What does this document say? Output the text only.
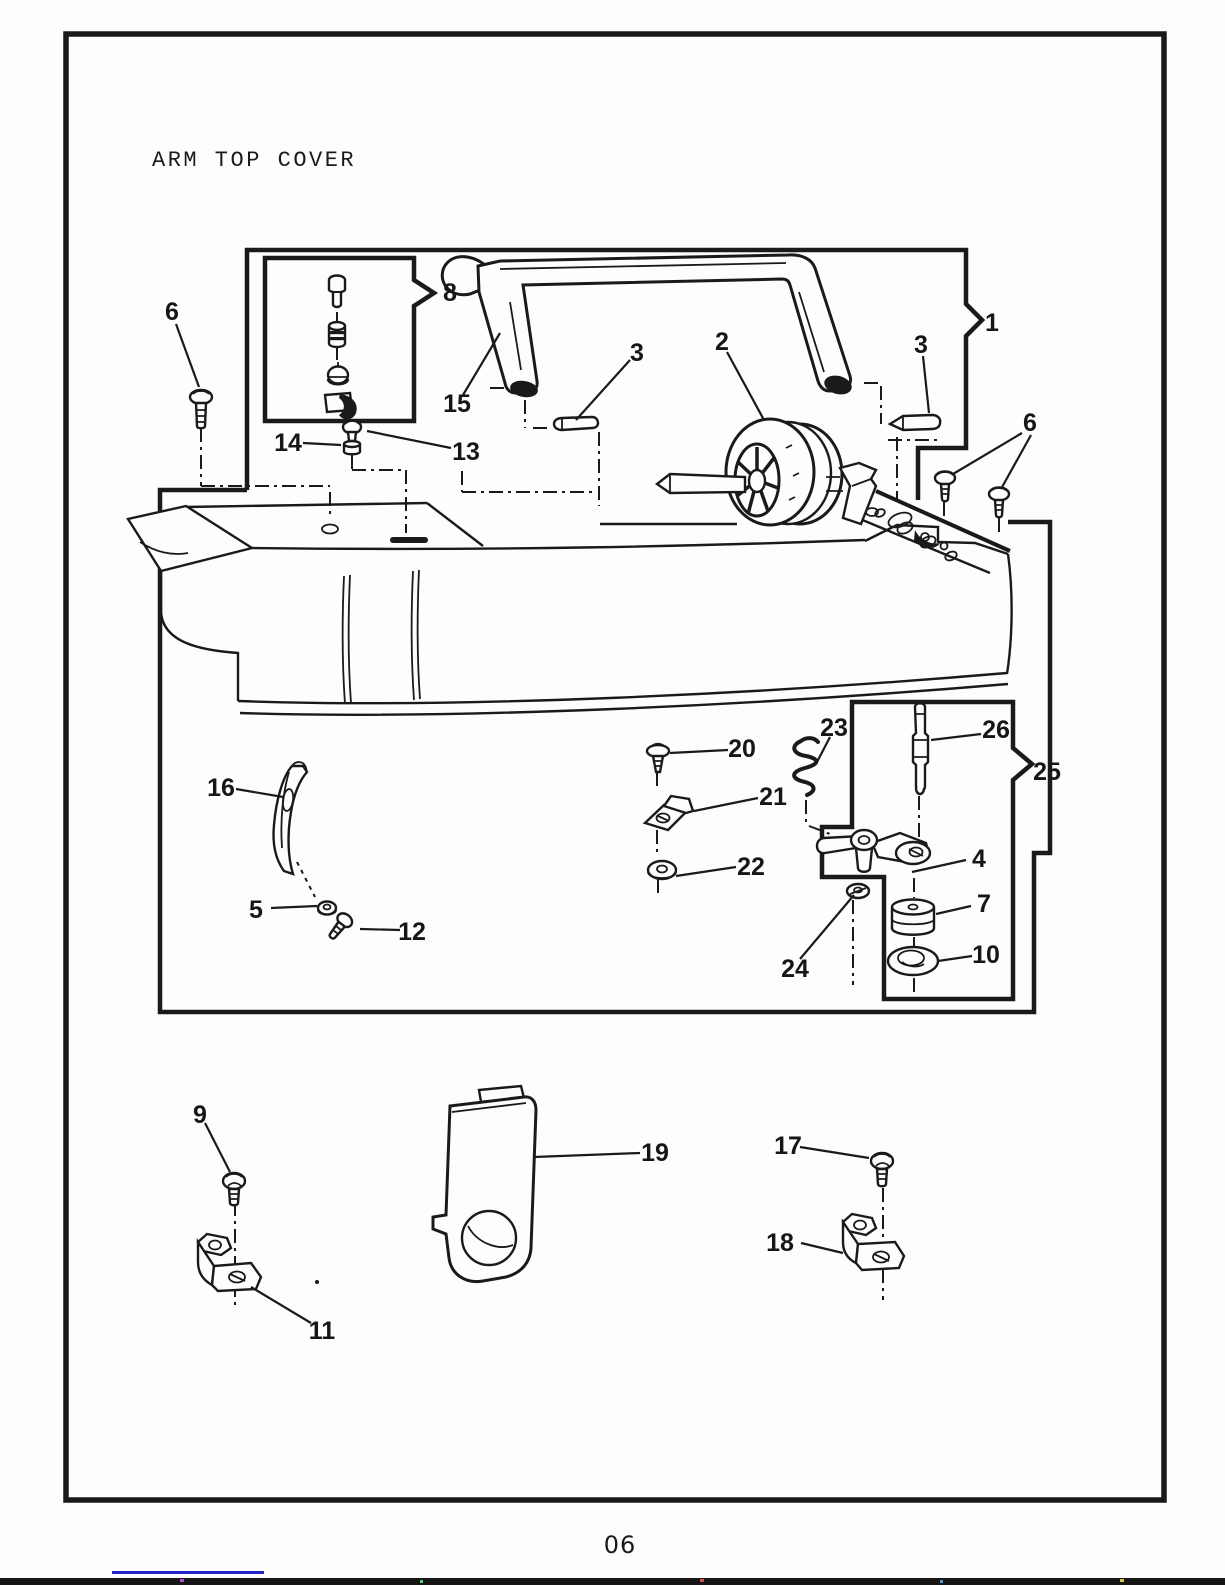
ARM TOP COVER
6
8
15
14	13
3	2	3
1
6
16
5
12
20
21
22
23	26
25
4
7
10
24
9
11
19	17
18
06
